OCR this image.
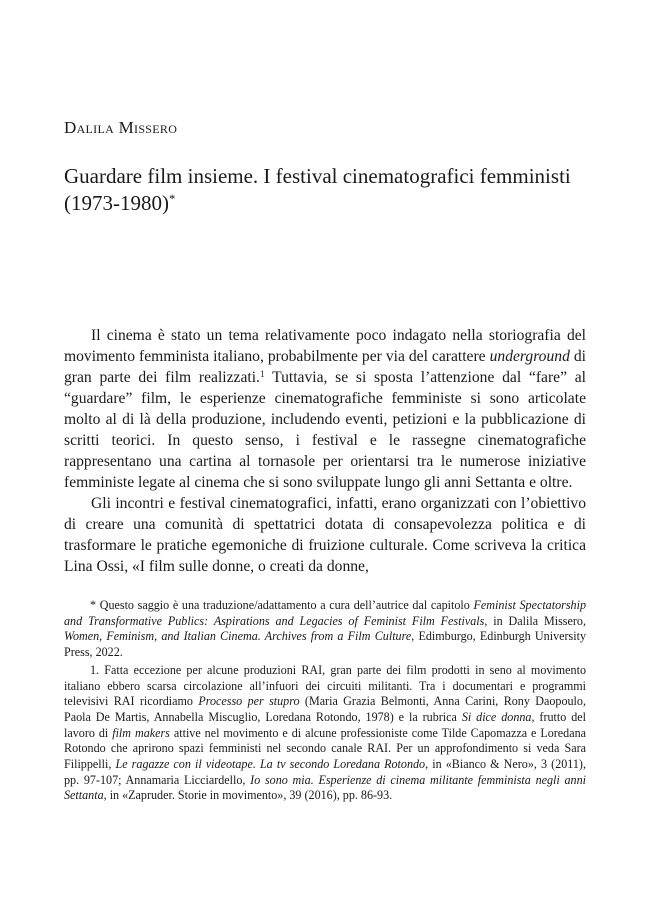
Dalila Missero
Guardare film insieme. I festival cinematografici femministi (1973-1980)*

Il cinema è stato un tema relativamente poco indagato nella storiografia del movimento femminista italiano, probabilmente per via del carattere underground di gran parte dei film realizzati.$^1$ Tuttavia, se si sposta l’attenzione dal “fare” al “guardare” film, le esperienze cinematografiche femministe si sono articolate molto al di là della produzione, includendo eventi, petizioni e la pubblicazione di scritti teorici. In questo senso, i festival e le rassegne cinematografiche rappresentano una cartina al tornasole per orientarsi tra le numerose iniziative femministe legate al cinema che si sono sviluppate lungo gli anni Settanta e oltre.

Gli incontri e festival cinematografici, infatti, erano organizzati con l’obiettivo di creare una comunità di spettatrici dotata di consapevolezza politica e di trasformare le pratiche egemoniche di fruizione culturale. Come scriveva la critica Lina Ossi, «I film sulle donne, o creati da donne,

* Questo saggio è una traduzione/adattamento a cura dell’autrice dal capitolo Feminist Spectatorship and Transformative Publics: Aspirations and Legacies of Feminist Film Festivals, in Dalila Missero, Women, Feminism, and Italian Cinema. Archives from a Film Culture, Edimburgo, Edinburgh University Press, 2022.

1. Fatta eccezione per alcune produzioni RAI, gran parte dei film prodotti in seno al movimento italiano ebbero scarsa circolazione all’infuori dei circuiti militanti. Tra i documentari e programmi televisivi RAI ricordiamo Processo per stupro (Maria Grazia Belmonti, Anna Carini, Rony Daopoulo, Paola De Martis, Annabella Miscuglio, Loredana Rotondo, 1978) e la rubrica Si dice donna, frutto del lavoro di film makers attive nel movimento e di alcune professioniste come Tilde Capomazza e Loredana Rotondo che aprirono spazi femministi nel secondo canale RAI. Per un approfondimento si veda Sara Filippelli, Le ragazze con il videotape. La tv secondo Loredana Rotondo, in «Bianco & Nero», 3 (2011), pp. 97-107; Annamaria Licciardello, Io sono mia. Esperienze di cinema militante femminista negli anni Settanta, in «Zapruder. Storie in movimento», 39 (2016), pp. 86-93.
